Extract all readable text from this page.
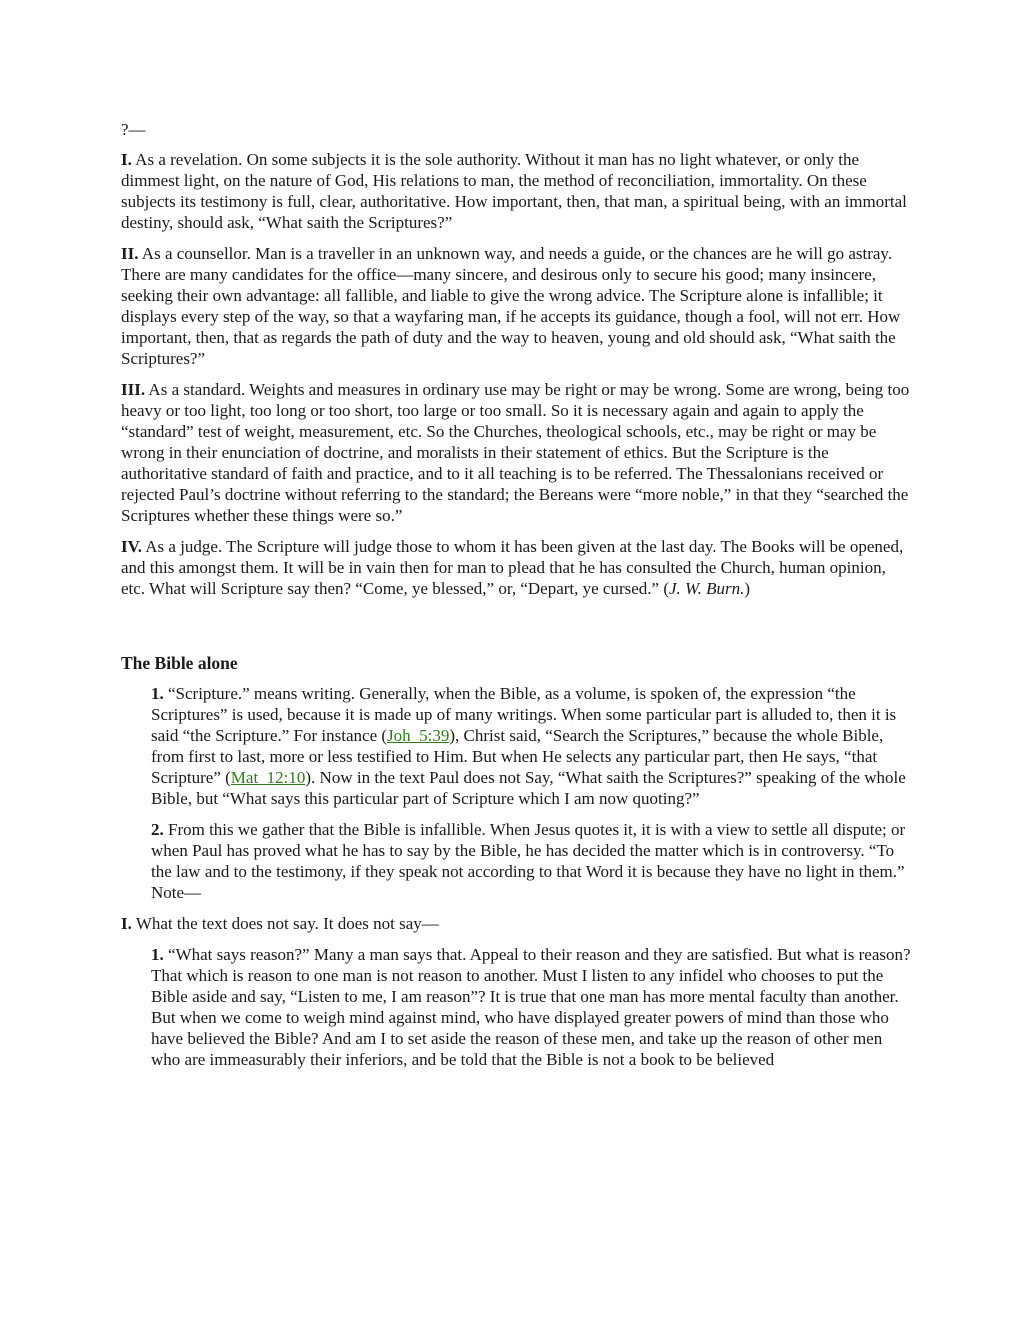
?—

I. As a revelation. On some subjects it is the sole authority. Without it man has no light whatever, or only the dimmest light, on the nature of God, His relations to man, the method of reconciliation, immortality. On these subjects its testimony is full, clear, authoritative. How important, then, that man, a spiritual being, with an immortal destiny, should ask, “What saith the Scriptures?”

II. As a counsellor. Man is a traveller in an unknown way, and needs a guide, or the chances are he will go astray. There are many candidates for the office—many sincere, and desirous only to secure his good; many insincere, seeking their own advantage: all fallible, and liable to give the wrong advice. The Scripture alone is infallible; it displays every step of the way, so that a wayfaring man, if he accepts its guidance, though a fool, will not err. How important, then, that as regards the path of duty and the way to heaven, young and old should ask, “What saith the Scriptures?”

III. As a standard. Weights and measures in ordinary use may be right or may be wrong. Some are wrong, being too heavy or too light, too long or too short, too large or too small. So it is necessary again and again to apply the “standard” test of weight, measurement, etc. So the Churches, theological schools, etc., may be right or may be wrong in their enunciation of doctrine, and moralists in their statement of ethics. But the Scripture is the authoritative standard of faith and practice, and to it all teaching is to be referred. The Thessalonians received or rejected Paul’s doctrine without referring to the standard; the Bereans were “more noble,” in that they “searched the Scriptures whether these things were so.”

IV. As a judge. The Scripture will judge those to whom it has been given at the last day. The Books will be opened, and this amongst them. It will be in vain then for man to plead that he has consulted the Church, human opinion, etc. What will Scripture say then? “Come, ye blessed,” or, “Depart, ye cursed.” (J. W. Burn.)

The Bible alone

1. “Scripture.” means writing. Generally, when the Bible, as a volume, is spoken of, the expression “the Scriptures” is used, because it is made up of many writings. When some particular part is alluded to, then it is said “the Scripture.” For instance (Joh_5:39), Christ said, “Search the Scriptures,” because the whole Bible, from first to last, more or less testified to Him. But when He selects any particular part, then He says, “that Scripture” (Mat_12:10). Now in the text Paul does not Say, “What saith the Scriptures?” speaking of the whole Bible, but “What says this particular part of Scripture which I am now quoting?”

2. From this we gather that the Bible is infallible. When Jesus quotes it, it is with a view to settle all dispute; or when Paul has proved what he has to say by the Bible, he has decided the matter which is in controversy. “To the law and to the testimony, if they speak not according to that Word it is because they have no light in them.” Note—

I. What the text does not say. It does not say—

1. “What says reason?” Many a man says that. Appeal to their reason and they are satisfied. But what is reason? That which is reason to one man is not reason to another. Must I listen to any infidel who chooses to put the Bible aside and say, “Listen to me, I am reason”? It is true that one man has more mental faculty than another. But when we come to weigh mind against mind, who have displayed greater powers of mind than those who have believed the Bible? And am I to set aside the reason of these men, and take up the reason of other men who are immeasurably their inferiors, and be told that the Bible is not a book to be believed
